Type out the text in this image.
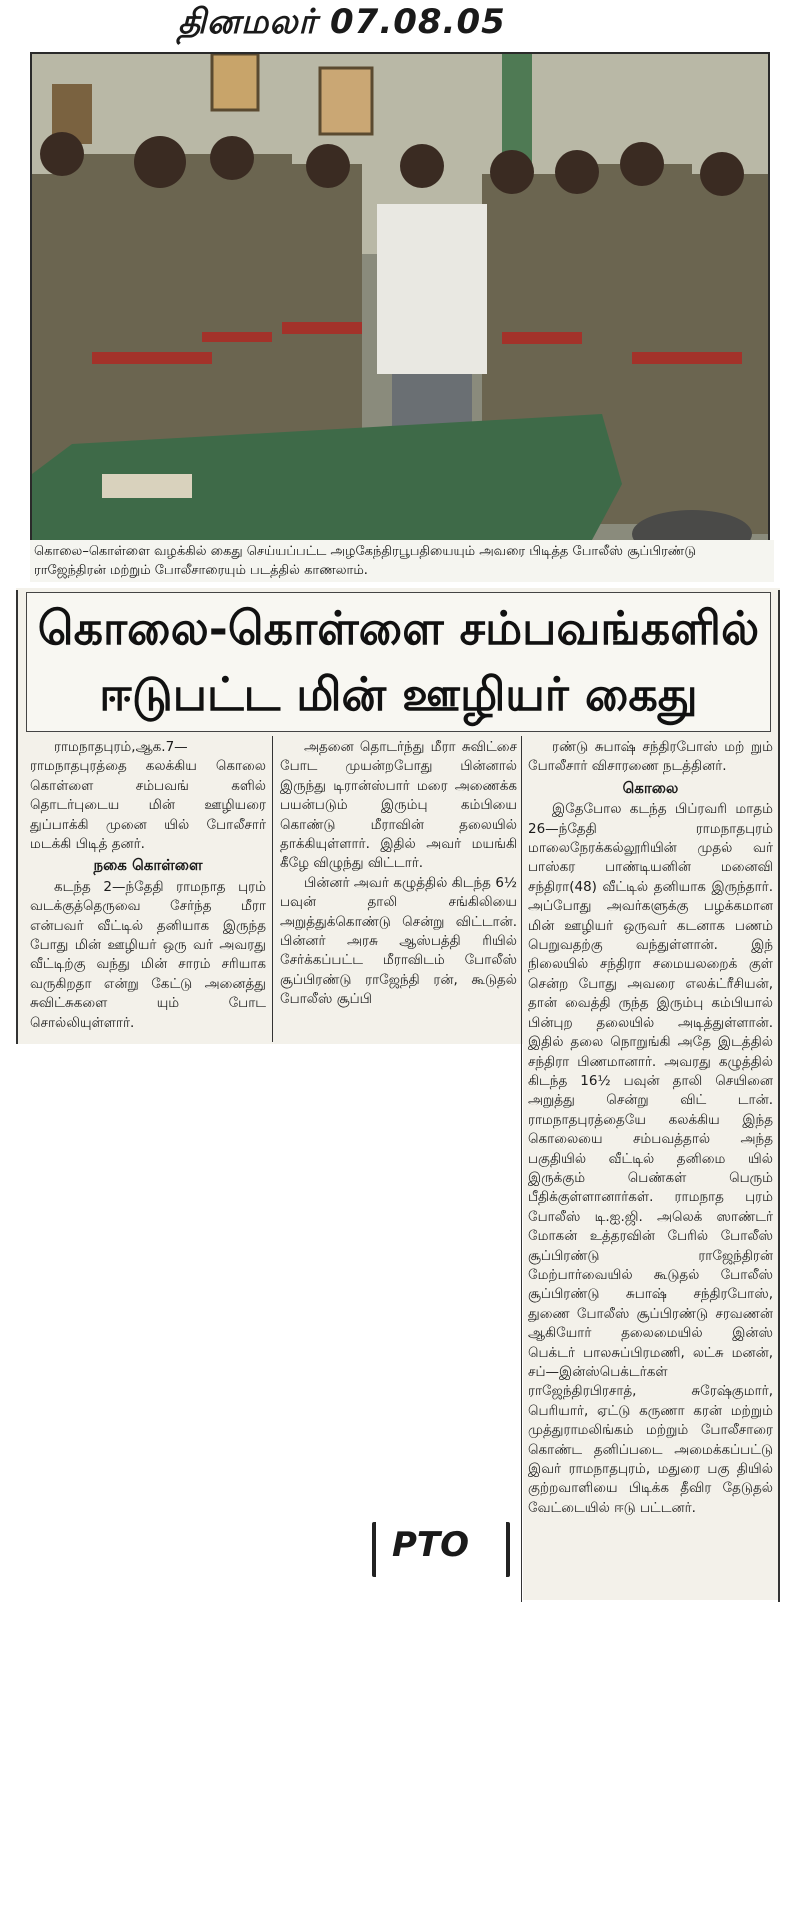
தினமலர் 07.08.05
கொலை–கொள்ளை வழக்கில் கைது செய்யப்பட்ட அழகேந்திரபூபதியையும் அவரை பிடித்த போலீஸ் சூப்பிரண்டு ராஜேந்திரன் மற்றும் போலீசாரையும் படத்தில் காணலாம்.
கொலை-கொள்ளை சம்பவங்களில்
ஈடுபட்ட மின் ஊழியர் கைது

ராமநாதபுரம்,ஆக.7— ராமநாதபுரத்தை கலக்கிய கொலை கொள்ளை சம்பவங் களில் தொடர்புடைய மின் ஊழியரை துப்பாக்கி முனை யில் போலீசார் மடக்கி பிடித் தனர்.

நகை கொள்ளை

கடந்த 2—ந்தேதி ராமநாத புரம் வடக்குத்தெருவை சேர்ந்த மீரா என்பவர் வீட்டில் தனியாக இருந்த போது மின் ஊழியர் ஒரு வர் அவரது வீட்டிற்கு வந்து மின் சாரம் சரியாக வருகிறதா என்று கேட்டு அனைத்து சுவிட்சுகளை யும் போட சொல்லியுள்ளார்.

அதனை தொடர்ந்து மீரா சுவிட்சை போட முயன்றபோது பின்னால் இருந்து டிரான்ஸ்பார் மரை அணைக்க பயன்படும் இரும்பு கம்பியை கொண்டு மீராவின் தலையில் தாக்கியுள்ளார். இதில் அவர் மயங்கி கீழே விழுந்து விட்டார்.

பின்னர் அவர் கழுத்தில் கிடந்த 6½ பவுன் தாலி சங்கிலியை அறுத்துக்கொண்டு சென்று விட்டான். பின்னர் அரசு ஆஸ்பத்தி ரியில் சேர்க்கப்பட்ட மீராவிடம் போலீஸ் சூப்பிரண்டு ராஜேந்தி ரன், கூடுதல் போலீஸ் சூப்பி

ரண்டு சுபாஷ் சந்திரபோஸ் மற் றும் போலீசார் விசாரணை நடத்தினர்.

கொலை

இதேபோல கடந்த பிப்ரவரி மாதம் 26—ந்தேதி ராமநாதபுரம் மாலைநேரக்கல்லூரியின் முதல் வர் பாஸ்கர பாண்டியனின் மனைவி சந்திரா(48) வீட்டில் தனியாக இருந்தார். அப்போது அவர்களுக்கு பழக்கமான மின் ஊழியர் ஒருவர் கடனாக பணம் பெறுவதற்கு வந்துள்ளான். இந் நிலையில் சந்திரா சமையலறைக் குள் சென்ற போது அவரை எலக்ட்ரீசியன், தான் வைத்தி ருந்த இரும்பு கம்பியால் பின்புற தலையில் அடித்துள்ளான். இதில் தலை நொறுங்கி அதே இடத்தில் சந்திரா பிணமானார். அவரது கழுத்தில் கிடந்த 16½ பவுன் தாலி செயினை அறுத்து சென்று விட் டான். ராமநாதபுரத்தையே கலக்கிய இந்த கொலையை சம்பவத்தால் அந்த பகுதியில் வீட்டில் தனிமை யில் இருக்கும் பெண்கள் பெரும் பீதிக்குள்ளானார்கள். ராமநாத புரம் போலீஸ் டி.ஐ.ஜி. அலெக் ஸாண்டர் மோகன் உத்தரவின் பேரில் போலீஸ் சூப்பிரண்டு ராஜேந்திரன் மேற்பார்வையில் கூடுதல் போலீஸ் சூப்பிரண்டு சுபாஷ் சந்திரபோஸ், துணை போலீஸ் சூப்பிரண்டு சரவணன் ஆகியோர் தலைமையில் இன்ஸ் பெக்டர் பாலசுப்பிரமணி, லட்சு மனன், சப்—இன்ஸ்பெக்டர்கள் ராஜேந்திரபிரசாத், சுரேஷ்குமார், பெரியார், ஏட்டு கருணா கரன் மற்றும் முத்துராமலிங்கம் மற்றும் போலீசாரை கொண்ட தனிப்படை அமைக்கப்பட்டு இவர் ராமநாதபுரம், மதுரை பகு தியில் குற்றவாளியை பிடிக்க தீவிர தேடுதல் வேட்டையில் ஈடு பட்டனர்.

PTO
